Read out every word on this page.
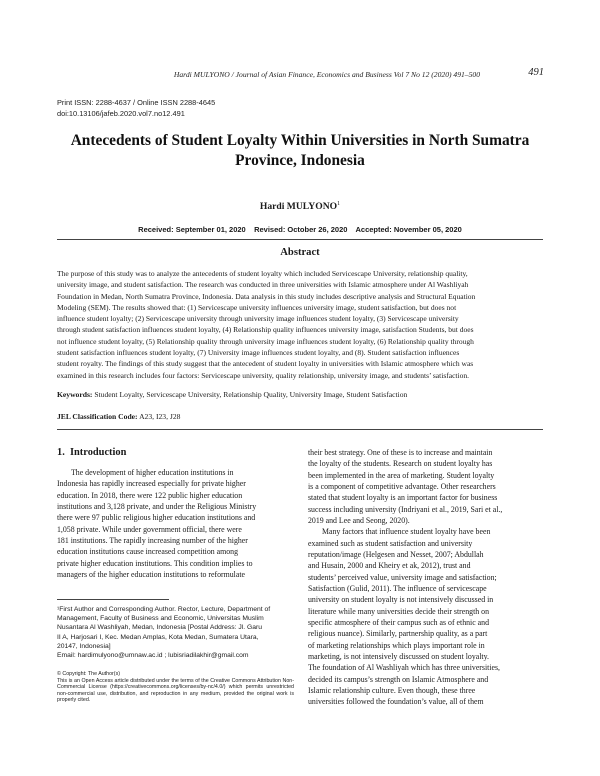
Hardi MULYONO / Journal of Asian Finance, Economics and Business Vol 7 No 12 (2020) 491–500	491
Print ISSN: 2288-4637 / Online ISSN 2288-4645
doi:10.13106/jafeb.2020.vol7.no12.491
Antecedents of Student Loyalty Within Universities in North Sumatra
Province, Indonesia
Hardi MULYONO$^1$
Received: September 01, 2020    Revised: October 26, 2020    Accepted: November 05, 2020
Abstract
The purpose of this study was to analyze the antecedents of student loyalty which included Servicescape University, relationship quality,
university image, and student satisfaction. The research was conducted in three universities with Islamic atmosphere under Al Washliyah
Foundation in Medan, North Sumatra Province, Indonesia. Data analysis in this study includes descriptive analysis and Structural Equation
Modeling (SEM). The results showed that: (1) Servicescape university influences university image, student satisfaction, but does not
influence student loyalty; (2) Servicescape university through university image influences student loyalty, (3) Servicescape university
through student satisfaction influences student loyalty, (4) Relationship quality influences university image, satisfaction Students, but does
not influence student loyalty, (5) Relationship quality through university image influences student loyalty, (6) Relationship quality through
student satisfaction influences student loyalty, (7) University image influences student loyalty, and (8). Student satisfaction influences
student royalty. The findings of this study suggest that the antecedent of student loyalty in universities with Islamic atmosphere which was
examined in this research includes four factors: Servicescape university, quality relationship, university image, and students’ satisfaction.
Keywords: Student Loyalty, Servicescape University, Relationship Quality, University Image, Student Satisfaction
JEL Classification Code: A23, I23, J28
1.  Introduction
The development of higher education institutions in
Indonesia has rapidly increased especially for private higher
education. In 2018, there were 122 public higher education
institutions and 3,128 private, and under the Religious Ministry
there were 97 public religious higher education institutions and
1,058 private. While under government official, there were
181 institutions. The rapidly increasing number of the higher
education institutions cause increased competition among
private higher education institutions. This condition implies to
managers of the higher education institutions to reformulate
their best strategy. One of these is to increase and maintain
the loyalty of the students. Research on student loyalty has
been implemented in the area of marketing. Student loyalty
is a component of competitive advantage. Other researchers
stated that student loyalty is an important factor for business
success including university (Indriyani et al., 2019, Sari et al.,
2019 and Lee and Seong, 2020).
Many factors that influence student loyalty have been
examined such as student satisfaction and university
reputation/image (Helgesen and Nesset, 2007; Abdullah
and Husain, 2000 and Kheiry et ak, 2012), trust and
students’ perceived value, university image and satisfaction;
Satisfaction (Gulid, 2011). The influence of servicescape
university on student loyalty is not intensively discussed in
literature while many universities decide their strength on
specific atmosphere of their campus such as of ethnic and
religious nuance). Similarly, partnership quality, as a part
of marketing relationships which plays important role in
marketing, is not intensively discussed on student loyalty.
The foundation of Al Washliyah which has three universities,
decided its campus’s strength on Islamic Atmosphere and
Islamic relationship culture. Even though, these three
universities followed the foundation’s value, all of them
¹First Author and Corresponding Author. Rector, Lecture, Department of
Management, Faculty of Business and Economic, Universitas Muslim
Nusantara Al Washliyah, Medan, Indonesia [Postal Address: Jl. Garu
II A, Harjosari I, Kec. Medan Amplas, Kota Medan, Sumatera Utara,
20147, Indonesia]
Email: hardimulyono@umnaw.ac.id ; lubisriadilakhir@gmail.com
© Copyright: The Author(s)
This is an Open Access article distributed under the terms of the Creative Commons Attribution Non-Commercial License (https://creativecommons.org/licenses/by-nc/4.0/) which permits unrestricted non-commercial use, distribution, and reproduction in any medium, provided the original work is properly cited.
